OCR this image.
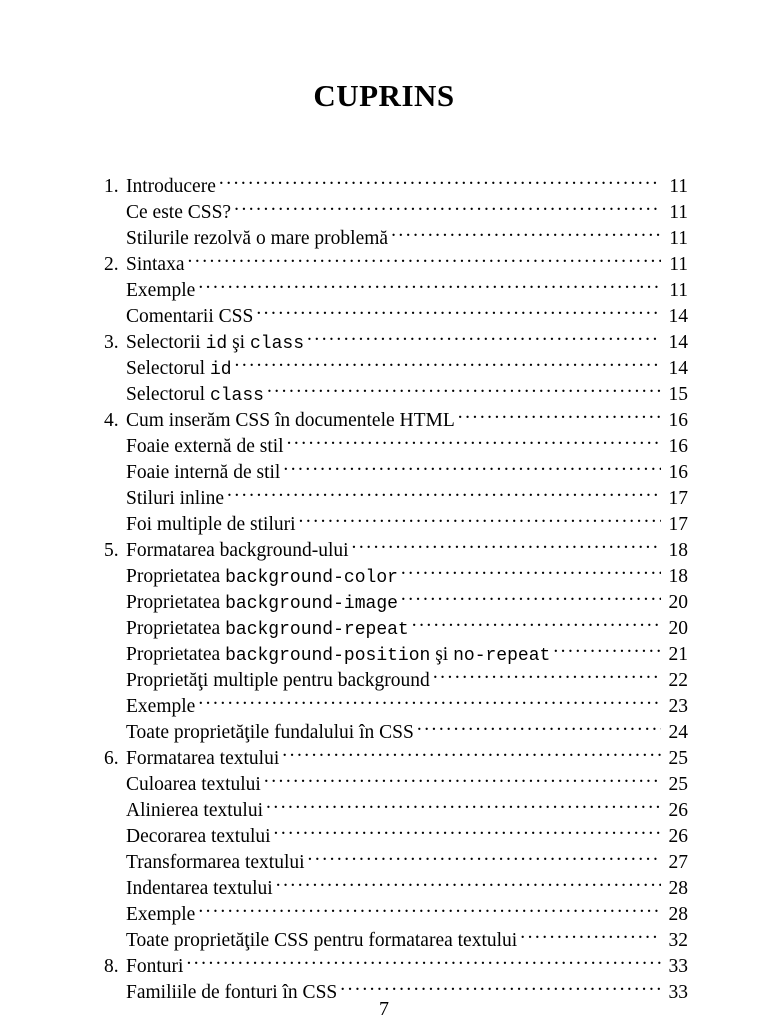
CUPRINS
1. Introducere . . .	11
Ce este CSS? . . .	11
Stilurile rezolvă o mare problemă . . .	11
2. Sintaxa . . .	11
Exemple . . .	11
Comentarii CSS . . .	14
3. Selectorii id şi class . . .	14
Selectorul id . . .	14
Selectorul class . . .	15
4. Cum inserăm CSS în documentele HTML . . .	16
Foaie externă de stil . . .	16
Foaie internă de stil . . .	16
Stiluri inline . . .	17
Foi multiple de stiluri . . .	17
5. Formatarea background-ului . . .	18
Proprietatea background-color . . .	18
Proprietatea background-image . . .	20
Proprietatea background-repeat . . .	20
Proprietatea background-position şi no-repeat . . .	21
Proprietăţi multiple pentru background . . .	22
Exemple . . .	23
Toate proprietăţile fundalului în CSS . . .	24
6. Formatarea textului . . .	25
Culoarea textului . . .	25
Alinierea textului . . .	26
Decorarea textului . . .	26
Transformarea textului . . .	27
Indentarea textului . . .	28
Exemple . . .	28
Toate proprietăţile CSS pentru formatarea textului . . .	32
8. Fonturi . . .	33
Familiile de fonturi în CSS . . .	33
7
